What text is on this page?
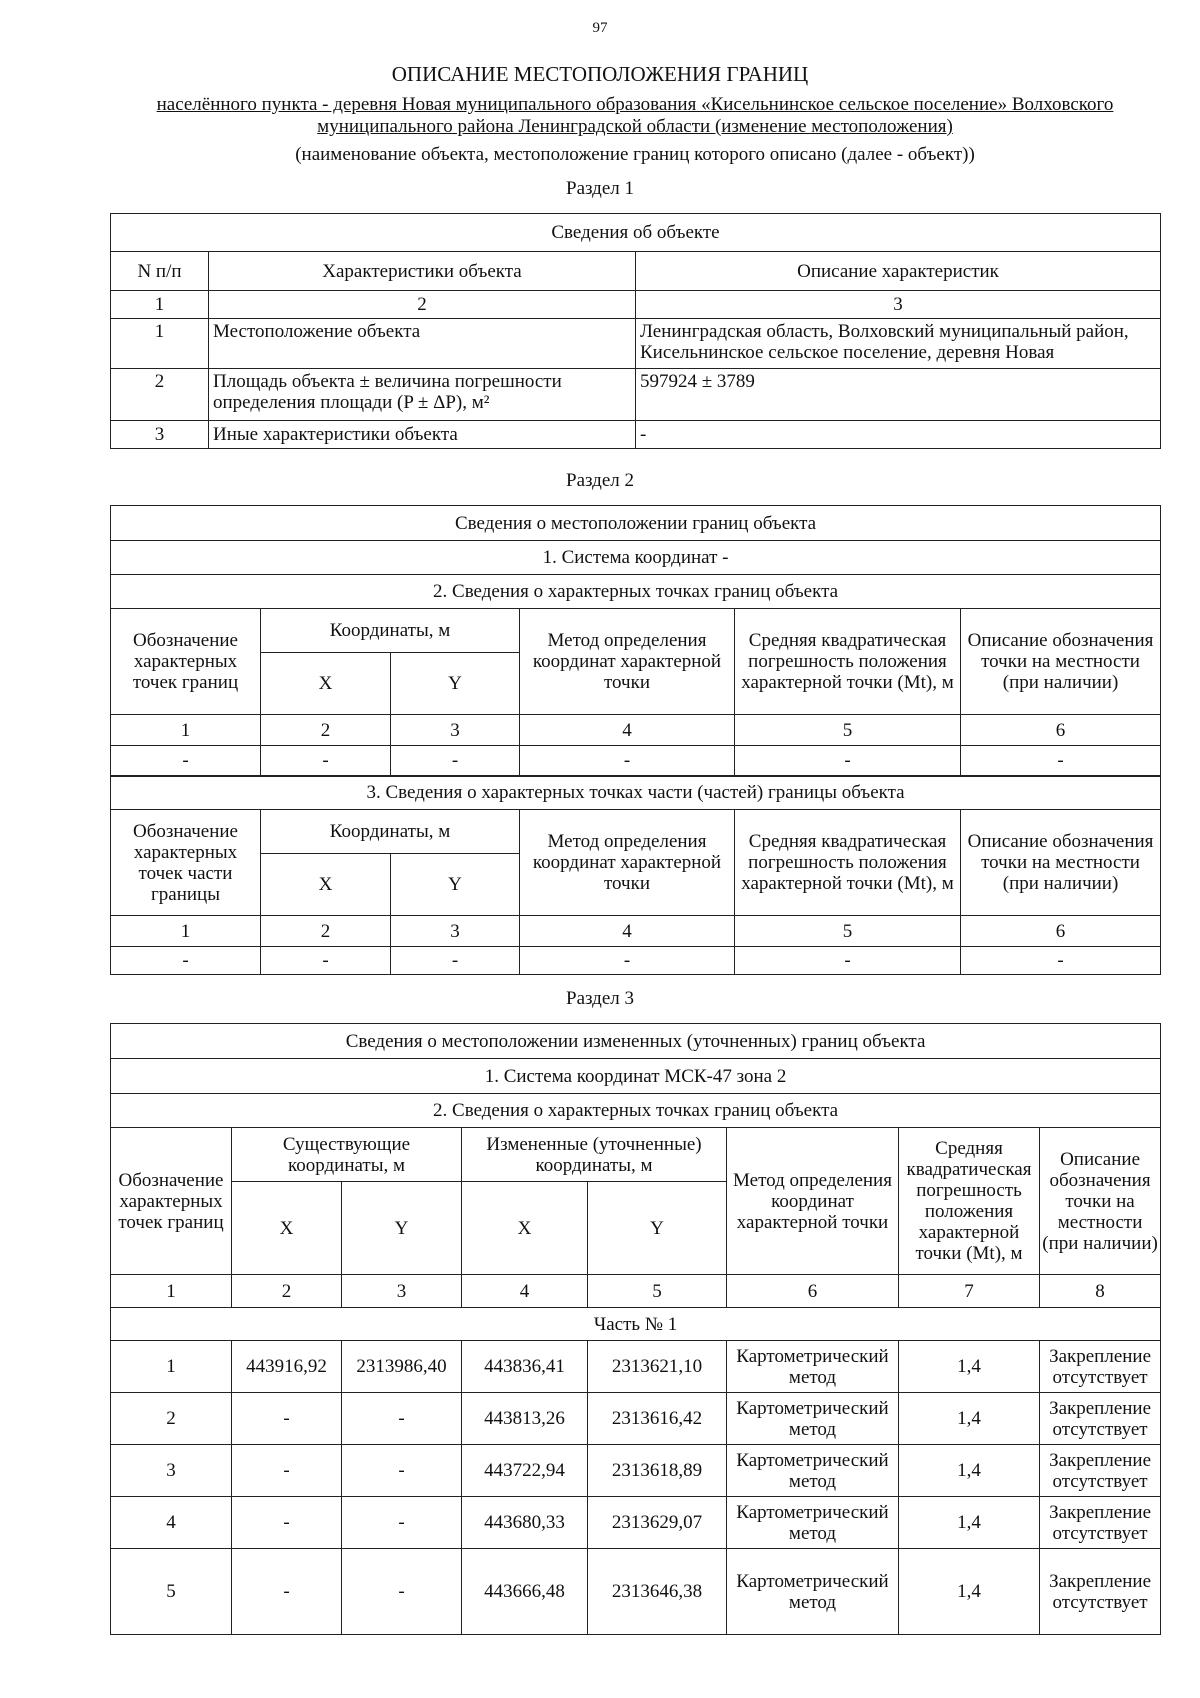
97
ОПИСАНИЕ МЕСТОПОЛОЖЕНИЯ ГРАНИЦ
населённого пункта - деревня Новая муниципального образования «Кисельнинское сельское поселение» Волховского
муниципального района Ленинградской области (изменение местоположения)
(наименование объекта, местоположение границ которого описано (далее - объект))
Раздел 1
Сведения об объекте		
N п/п	Характеристики объекта	Описание характеристик
1	2	3
1	Местоположение объекта	Ленинградская область, Волховский муниципальный район, Кисельнинское сельское поселение, деревня Новая
2	Площадь объекта ± величина погрешности определения площади (P ± ΔP), м²	597924 ± 3789
3	Иные характеристики объекта	-
Раздел 2
Сведения о местоположении границ объекта					
1. Система координат -					
2. Сведения о характерных точках границ объекта					
Обозначение характерных точек границ	Координаты, м		Метод определения координат характерной точки	Средняя квадратическая погрешность положения характерной точки (Mt), м	Описание обозначения точки на местности (при наличии)
	X	Y			
1	2	3	4	5	6
-	-	-	-	-	-
3. Сведения о характерных точках части (частей) границы объекта					
Обозначение характерных точек части границы	Координаты, м		Метод определения координат характерной точки	Средняя квадратическая погрешность положения характерной точки (Mt), м	Описание обозначения точки на местности (при наличии)
	X	Y			
1	2	3	4	5	6
-	-	-	-	-	-
Раздел 3
Сведения о местоположении измененных (уточненных) границ объекта							
1. Система координат МСК-47 зона 2							
2. Сведения о характерных точках границ объекта							
Обозначение характерных точек границ	Существующие координаты, м		Измененные (уточненные) координаты, м		Метод определения координат характерной точки	Средняя квадратическая погрешность положения характерной точки (Mt), м	Описание обозначения точки на местности (при наличии)
	X	Y	X	Y			
1	2	3	4	5	6	7	8
Часть № 1							
1	443916,92	2313986,40	443836,41	2313621,10	Картометрический метод	1,4	Закрепление отсутствует
2	-	-	443813,26	2313616,42	Картометрический метод	1,4	Закрепление отсутствует
3	-	-	443722,94	2313618,89	Картометрический метод	1,4	Закрепление отсутствует
4	-	-	443680,33	2313629,07	Картометрический метод	1,4	Закрепление отсутствует
5	-	-	443666,48	2313646,38	Картометрический метод	1,4	Закрепление отсутствует
